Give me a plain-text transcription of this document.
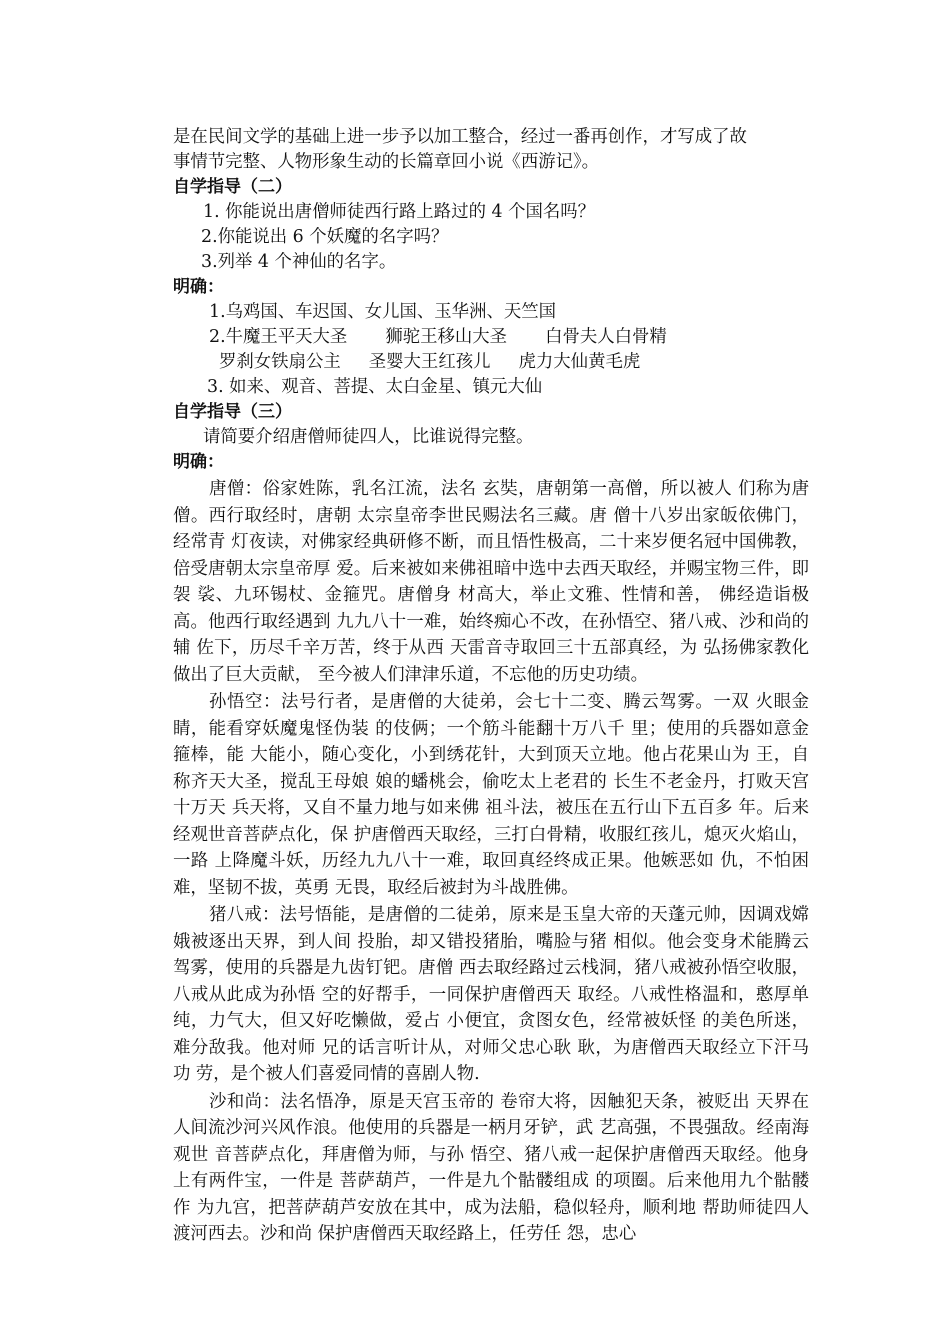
是在民间文学的基础上进一步予以加工整合，经过一番再创作，才写成了故

事情节完整、人物形象生动的长篇章回小说《西游记》。

自学指导（二）

1. 你能说出唐僧师徒西行路上路过的 4 个国名吗？

2.你能说出 6 个妖魔的名字吗？

3.列举 4 个神仙的名字。

明确：

1.乌鸡国、车迟国、女儿国、玉华洲、天竺国

2.牛魔王平天大圣 狮驼王移山大圣 白骨夫人白骨精

罗刹女铁扇公主 圣婴大王红孩儿 虎力大仙黄毛虎

3. 如来、观音、菩提、太白金星、镇元大仙

自学指导（三）

请简要介绍唐僧师徒四人，比谁说得完整。

明确：

唐僧：俗家姓陈，乳名江流，法名 玄奘，唐朝第一高僧，所以被人 们称为唐僧。西行取经时，唐朝 太宗皇帝李世民赐法名三藏。唐 僧十八岁出家皈依佛门，经常青 灯夜读，对佛家经典研修不断，而且悟性极高，二十来岁便名冠中国佛教，倍受唐朝太宗皇帝厚 爱。后来被如来佛祖暗中选中去西天取经，并赐宝物三件，即袈 裟、九环锡杖、金箍咒。唐僧身 材高大，举止文雅、性情和善， 佛经造诣极高。他西行取经遇到 九九八十一难，始终痴心不改，在孙悟空、猪八戒、沙和尚的辅 佐下，历尽千辛万苦，终于从西 天雷音寺取回三十五部真经，为 弘扬佛家教化做出了巨大贡献， 至今被人们津津乐道，不忘他的历史功绩。

孙悟空：法号行者，是唐僧的大徒弟，会七十二变、腾云驾雾。一双 火眼金睛，能看穿妖魔鬼怪伪装 的伎俩；一个筋斗能翻十万八千 里；使用的兵器如意金箍棒，能 大能小，随心变化，小到绣花针，大到顶天立地。他占花果山为 王，自称齐天大圣，搅乱王母娘 娘的蟠桃会，偷吃太上老君的 长生不老金丹，打败天宫十万天 兵天将，又自不量力地与如来佛 祖斗法，被压在五行山下五百多 年。后来经观世音菩萨点化，保 护唐僧西天取经，三打白骨精，收服红孩儿，熄灭火焰山，一路 上降魔斗妖，历经九九八十一难，取回真经终成正果。他嫉恶如 仇，不怕困难，坚韧不拔，英勇 无畏，取经后被封为斗战胜佛。

猪八戒：法号悟能，是唐僧的二徒弟，原来是玉皇大帝的天蓬元帅，因调戏嫦娥被逐出天界，到人间 投胎，却又错投猪胎，嘴脸与猪 相似。他会变身术能腾云驾雾，使用的兵器是九齿钉钯。唐僧 西去取经路过云栈洞，猪八戒被孙悟空收服，八戒从此成为孙悟 空的好帮手，一同保护唐僧西天 取经。八戒性格温和，憨厚单纯，力气大，但又好吃懒做，爱占 小便宜，贪图女色，经常被妖怪 的美色所迷，难分敌我。他对师 兄的话言听计从，对师父忠心耿 耿，为唐僧西天取经立下汗马功 劳，是个被人们喜爱同情的喜剧人物.

沙和尚：法名悟净，原是天宫玉帝的 卷帘大将，因触犯天条，被贬出 天界在人间流沙河兴风作浪。他使用的兵器是一柄月牙铲，武 艺高强，不畏强敌。经南海观世 音菩萨点化，拜唐僧为师，与孙 悟空、猪八戒一起保护唐僧西天取经。他身上有两件宝，一件是 菩萨葫芦，一件是九个骷髅组成 的项圈。后来他用九个骷髅作 为九宫，把菩萨葫芦安放在其中，成为法船，稳似轻舟，顺利地 帮助师徒四人渡河西去。沙和尚 保护唐僧西天取经路上，任劳任 怨，忠心
